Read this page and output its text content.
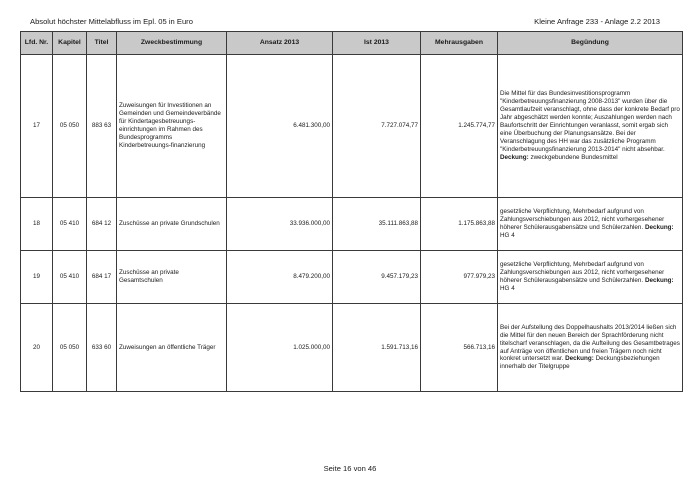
Absolut höchster Mittelabfluss im Epl. 05 in Euro	Kleine Anfrage 233 - Anlage 2.2 2013
Lfd. Nr.	Kapitel	Titel	Zweckbestimmung	Ansatz 2013	Ist 2013	Mehrausgaben	Begündung
17	05 050	883 63	Zuweisungen für Investitionen an Gemeinden und Gemeindeverbände für Kindertagesbetreuungs-einrichtungen im Rahmen des Bundesprogramms Kinderbetreuungs-finanzierung	6.481.300,00	7.727.074,77	1.245.774,77	Die Mittel für das Bundesinvestitionsprogramm "Kinderbetreuungsfinanzierung 2008-2013" wurden über die Gesamtlaufzeit veranschlagt, ohne dass der konkrete Bedarf pro Jahr abgeschätzt werden konnte; Auszahlungen werden nach Baufortschritt der Einrichtungen veranlasst, somit ergab sich eine Überbuchung der Planungsansätze. Bei der Veranschlagung des HH war das zusätzliche Programm "Kinderbetreuungsfinanzierung 2013-2014" nicht absehbar. Deckung: zweckgebundene Bundesmittel
18	05 410	684 12	Zuschüsse an private Grundschulen	33.936.000,00	35.111.863,88	1.175.863,88	gesetzliche Verpflichtung, Mehrbedarf aufgrund von Zahlungsverschiebungen aus 2012, nicht vorhergesehener höherer Schülerausgabensätze und Schülerzahlen. Deckung: HG 4
19	05 410	684 17	Zuschüsse an private Gesamtschulen	8.479.200,00	9.457.179,23	977.979,23	gesetzliche Verpflichtung, Mehrbedarf aufgrund von Zahlungsverschiebungen aus 2012, nicht vorhergesehener höherer Schülerausgabensätze und Schülerzahlen. Deckung: HG 4
20	05 050	633 60	Zuweisungen an öffentliche Träger	1.025.000,00	1.591.713,16	566.713,16	Bei der Aufstellung des Doppelhaushalts 2013/2014 ließen sich die Mittel für den neuen Bereich der Sprachförderung nicht titelscharf veranschlagen, da die Aufteilung des Gesamtbetrages auf Anträge von öffentlichen und freien Trägern noch nicht konkret untersetzt war. Deckung: Deckungsbeziehungen innerhalb der Titelgruppe
Seite 16 von 46
